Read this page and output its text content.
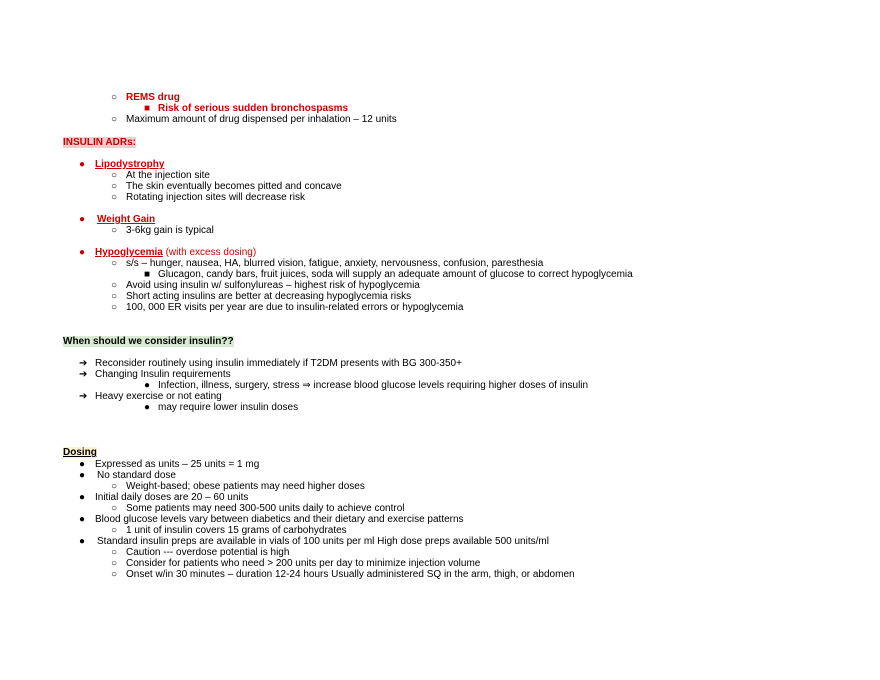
○ REMS drug
■ Risk of serious sudden bronchospasms
○ Maximum amount of drug dispensed per inhalation – 12 units
INSULIN ADRs:
● Lipodystrophy
○ At the injection site
○ The skin eventually becomes pitted and concave
○ Rotating injection sites will decrease risk
● Weight Gain
○ 3-6kg gain is typical
● Hypoglycemia (with excess dosing)
○ s/s – hunger, nausea, HA, blurred vision, fatigue, anxiety, nervousness, confusion, paresthesia
■ Glucagon, candy bars, fruit juices, soda will supply an adequate amount of glucose to correct hypoglycemia
○ Avoid using insulin w/ sulfonylureas – highest risk of hypoglycemia
○ Short acting insulins are better at decreasing hypoglycemia risks
○ 100, 000 ER visits per year are due to insulin-related errors or hypoglycemia
When should we consider insulin??
➔ Reconsider routinely using insulin immediately if T2DM presents with BG 300-350+
➔ Changing Insulin requirements
● Infection, illness, surgery, stress ⇒ increase blood glucose levels requiring higher doses of insulin
➔ Heavy exercise or not eating
● may require lower insulin doses
Dosing
● Expressed as units – 25 units = 1 mg
● No standard dose
○ Weight-based; obese patients may need higher doses
● Initial daily doses are 20 – 60 units
○ Some patients may need 300-500 units daily to achieve control
● Blood glucose levels vary between diabetics and their dietary and exercise patterns
○ 1 unit of insulin covers 15 grams of carbohydrates
● Standard insulin preps are available in vials of 100 units per ml High dose preps available 500 units/ml
○ Caution --- overdose potential is high
○ Consider for patients who need > 200 units per day to minimize injection volume
○ Onset w/in 30 minutes – duration 12-24 hours Usually administered SQ in the arm, thigh, or abdomen
